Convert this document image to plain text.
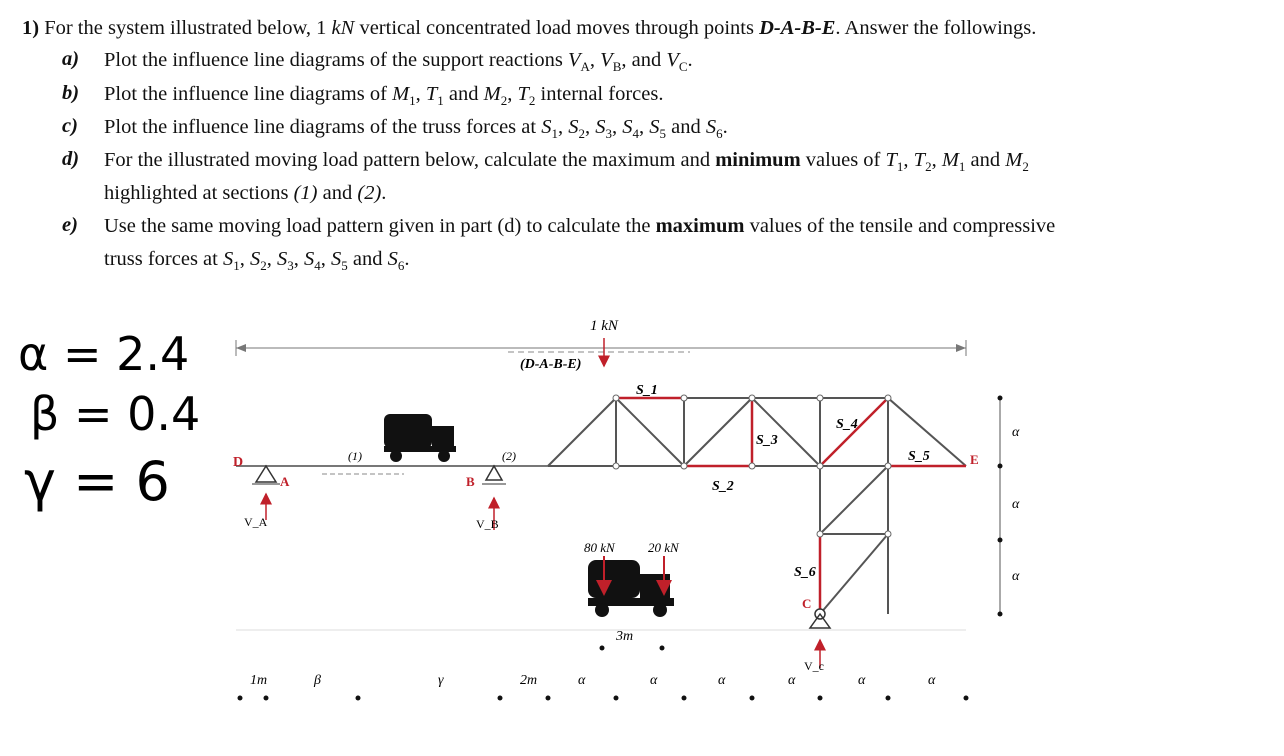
1) For the system illustrated below, 1 kN vertical concentrated load moves through points D-A-B-E. Answer the followings.
a) Plot the influence line diagrams of the support reactions $V_A$, $V_B$, and $V_C$.
b) Plot the influence line diagrams of $M_1$, $T_1$ and $M_2$, $T_2$ internal forces.
c) Plot the influence line diagrams of the truss forces at $S_1$, $S_2$, $S_3$, $S_4$, $S_5$ and $S_6$.
d) For the illustrated moving load pattern below, calculate the maximum and minimum values of $T_1$, $T_2$, $M_1$ and $M_2$
highlighted at sections (1) and (2).
e) Use the same moving load pattern given in part (d) to calculate the maximum values of the tensile and compressive
truss forces at $S_1$, $S_2$, $S_3$, $S_4$, $S_5$ and $S_6$.
α = 2.4
β = 0.4
γ = 6
1 kN
(D-A-B-E)
D
A	B
(1)	(2)
V_A	V_B
S_1
S_2
S_3
S_4
S_5
S_6
E
C
V_c
80 kN	20 kN
3m
α
α
α
1m	β	γ	2m	α	α	α	α	α	α
